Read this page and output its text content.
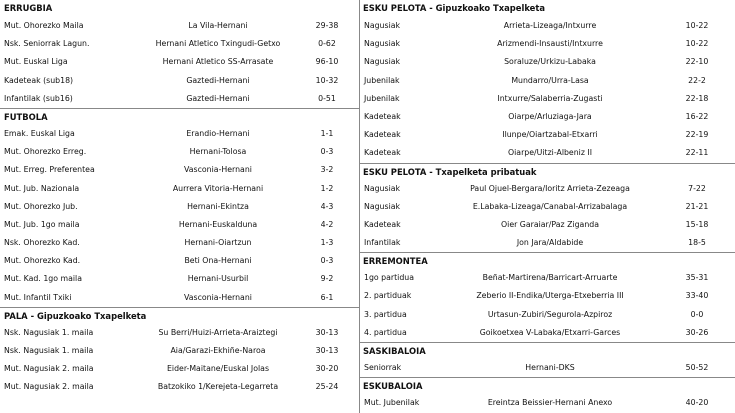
ERRUGBIA
Mut. Ohorezko Maila	La Vila-Hernani	29-38
Nsk. Seniorrak Lagun.	Hernani Atletico Txingudi-Getxo	0-62
Mut. Euskal Liga	Hernani Atletico SS-Arrasate	96-10
Kadeteak (sub18)	Gaztedi-Hernani	10-32
Infantilak (sub16)	Gaztedi-Hernani	0-51
FUTBOLA
Emak. Euskal Liga	Erandio-Hernani	1-1
Mut. Ohorezko Erreg.	Hernani-Tolosa	0-3
Mut. Erreg. Preferentea	Vasconia-Hernani	3-2
Mut. Jub. Nazionala	Aurrera Vitoria-Hernani	1-2
Mut. Ohorezko Jub.	Hernani-Ekintza	4-3
Mut. Jub. 1go maila	Hernani-Euskalduna	4-2
Nsk. Ohorezko Kad.	Hernani-Oiartzun	1-3
Mut. Ohorezko Kad.	Beti Ona-Hernani	0-3
Mut. Kad. 1go maila	Hernani-Usurbil	9-2
Mut. Infantil Txiki	Vasconia-Hernani	6-1
PALA - Gipuzkoako Txapelketa
Nsk. Nagusiak 1. maila	Su Berri/Huizi-Arrieta-Araiztegi	30-13
Nsk. Nagusiak 1. maila	Aia/Garazi-Ekhiñe-Naroa	30-13
Mut. Nagusiak 2. maila	Eider-Maitane/Euskal Jolas	30-20
Mut. Nagusiak 2. maila	Batzokiko 1/Kerejeta-Legarreta	25-24
ESKU PELOTA - Gipuzkoako Txapelketa
Nagusiak	Arrieta-Lizeaga/Intxurre	10-22
Nagusiak	Arizmendi-Insausti/Intxurre	10-22
Nagusiak	Soraluze/Urkizu-Labaka	22-10
Jubenilak	Mundarro/Urra-Lasa	22-2
Jubenilak	Intxurre/Salaberria-Zugasti	22-18
Kadeteak	Oiarpe/Arluziaga-Jara	16-22
Kadeteak	Ilunpe/Oiartzabal-Etxarri	22-19
Kadeteak	Oiarpe/Uitzi-Albeniz II	22-11
ESKU PELOTA - Txapelketa pribatuak
Nagusiak	Paul Ojuel-Bergara/Ioritz Arrieta-Zezeaga	7-22
Nagusiak	E.Labaka-Lizeaga/Canabal-Arrizabalaga	21-21
Kadeteak	Oier Garaiar/Paz Ziganda	15-18
Infantilak	Jon Jara/Aldabide	18-5
ERREMONTEA
1go partidua	Beñat-Martirena/Barricart-Arruarte	35-31
2. partiduak	Zeberio II-Endika/Uterga-Etxeberria III	33-40
3. partidua	Urtasun-Zubiri/Segurola-Azpiroz	0-0
4. partidua	Goikoetxea V-Labaka/Etxarri-Garces	30-26
SASKIBALOIA
Seniorrak	Hernani-DKS	50-52
ESKUBALOIA
Mut. Jubenilak	Ereintza Beissier-Hernani Anexo	40-20
